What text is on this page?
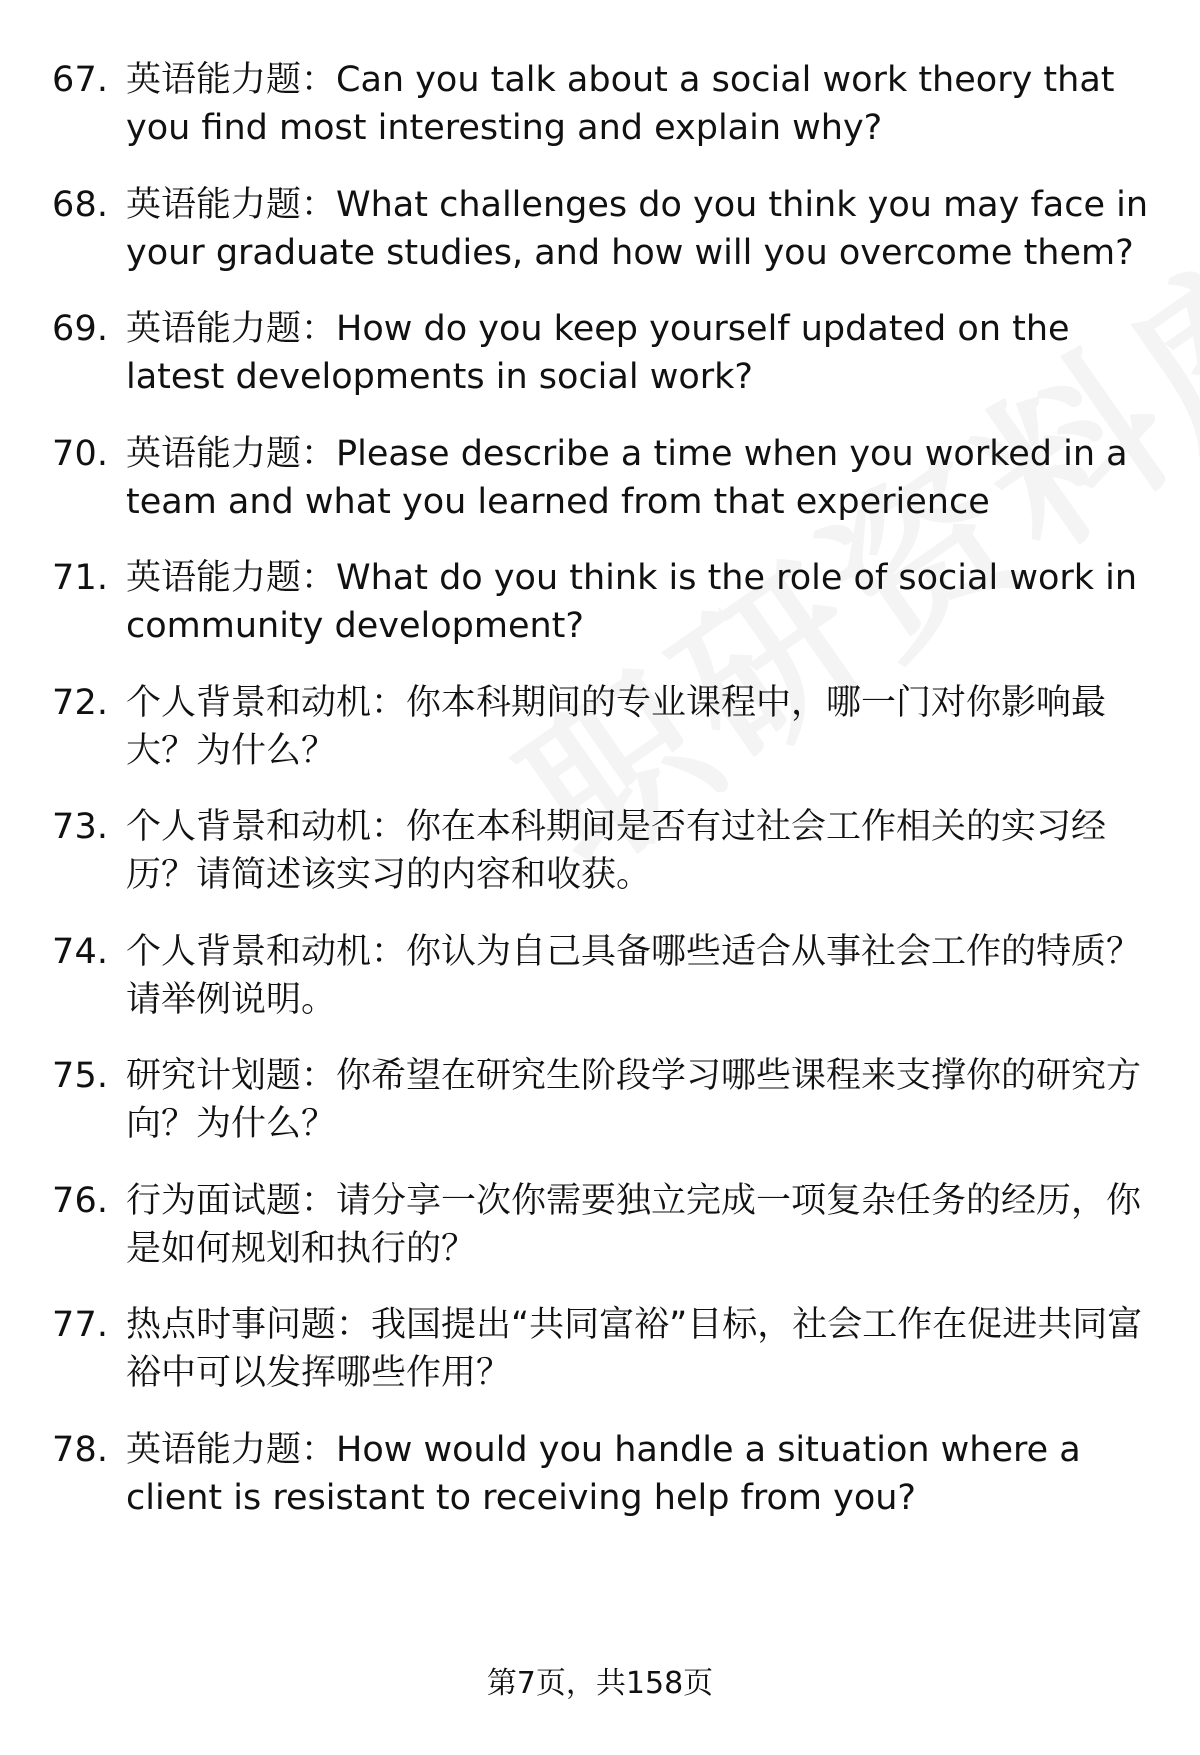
67. 英语能力题：Can you talk about a social work theory that you find most interesting and explain why?
68. 英语能力题：What challenges do you think you may face in your graduate studies, and how will you overcome them?
69. 英语能力题：How do you keep yourself updated on the latest developments in social work?
70. 英语能力题：Please describe a time when you worked in a team and what you learned from that experience
71. 英语能力题：What do you think is the role of social work in community development?
72. 个人背景和动机：你本科期间的专业课程中，哪一门对你影响最大？为什么？
73. 个人背景和动机：你在本科期间是否有过社会工作相关的实习经历？请简述该实习的内容和收获。
74. 个人背景和动机：你认为自己具备哪些适合从事社会工作的特质？请举例说明。
75. 研究计划题：你希望在研究生阶段学习哪些课程来支撑你的研究方向？为什么？
76. 行为面试题：请分享一次你需要独立完成一项复杂任务的经历，你是如何规划和执行的？
77. 热点时事问题：我国提出“共同富裕”目标，社会工作在促进共同富裕中可以发挥哪些作用？
78. 英语能力题：How would you handle a situation where a client is resistant to receiving help from you?
第7页，共158页
